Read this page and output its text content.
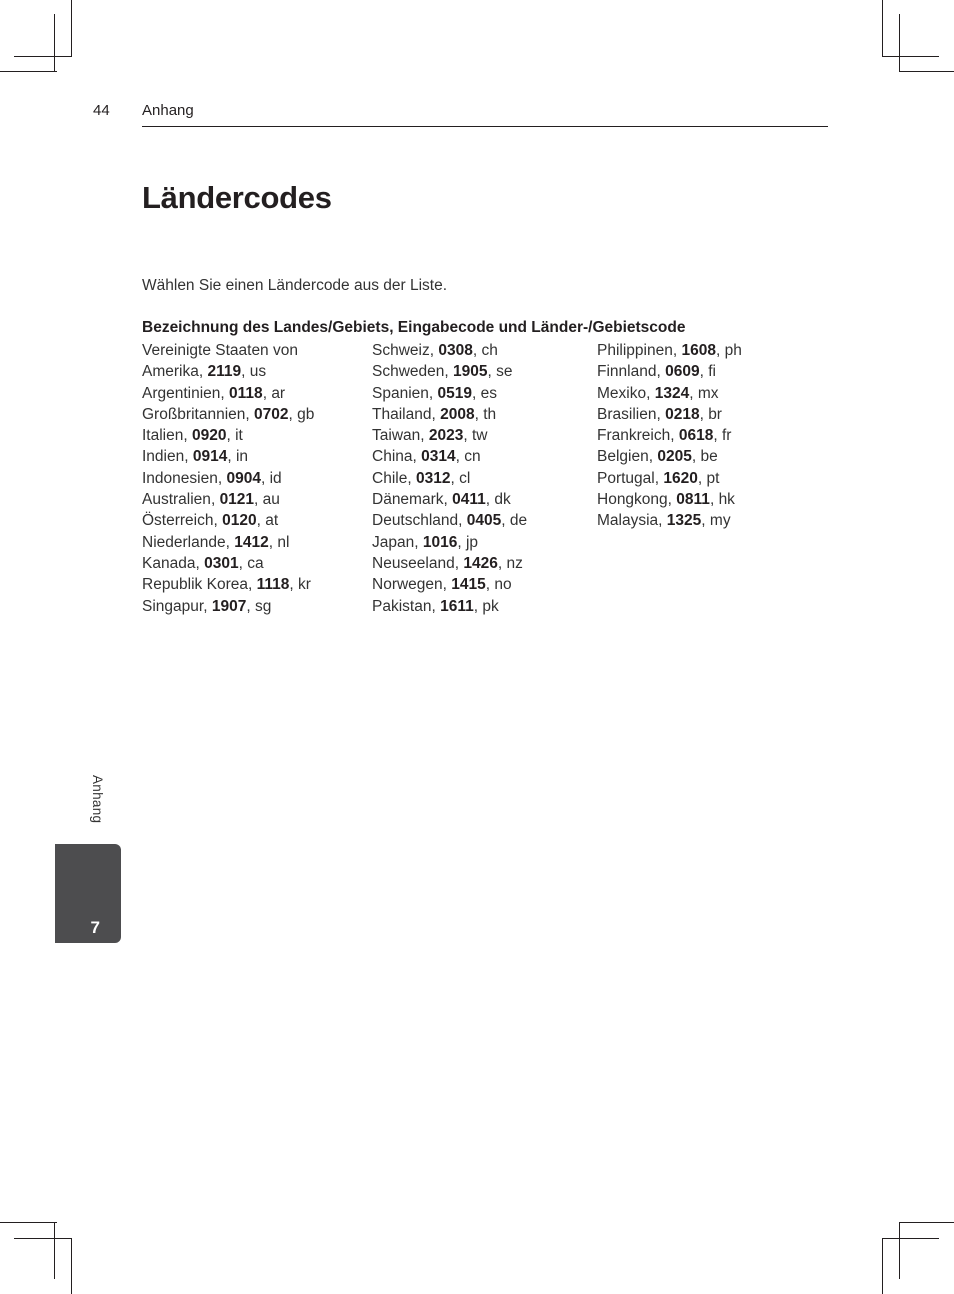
44 Anhang
Ländercodes
Wählen Sie einen Ländercode aus der Liste.
Bezeichnung des Landes/Gebiets, Eingabecode und Länder-/Gebietscode
Vereinigte Staaten von
Amerika, 2119, us
Argentinien, 0118, ar
Großbritannien, 0702, gb
Italien, 0920, it
Indien, 0914, in
Indonesien, 0904, id
Australien, 0121, au
Österreich, 0120, at
Niederlande, 1412, nl
Kanada, 0301, ca
Republik Korea, 1118, kr
Singapur, 1907, sg
Schweiz, 0308, ch
Schweden, 1905, se
Spanien, 0519, es
Thailand, 2008, th
Taiwan, 2023, tw
China, 0314, cn
Chile, 0312, cl
Dänemark, 0411, dk
Deutschland, 0405, de
Japan, 1016, jp
Neuseeland, 1426, nz
Norwegen, 1415, no
Pakistan, 1611, pk
Philippinen, 1608, ph
Finnland, 0609, fi
Mexiko, 1324, mx
Brasilien, 0218, br
Frankreich, 0618, fr
Belgien, 0205, be
Portugal, 1620, pt
Hongkong, 0811, hk
Malaysia, 1325, my
Anhang
7
